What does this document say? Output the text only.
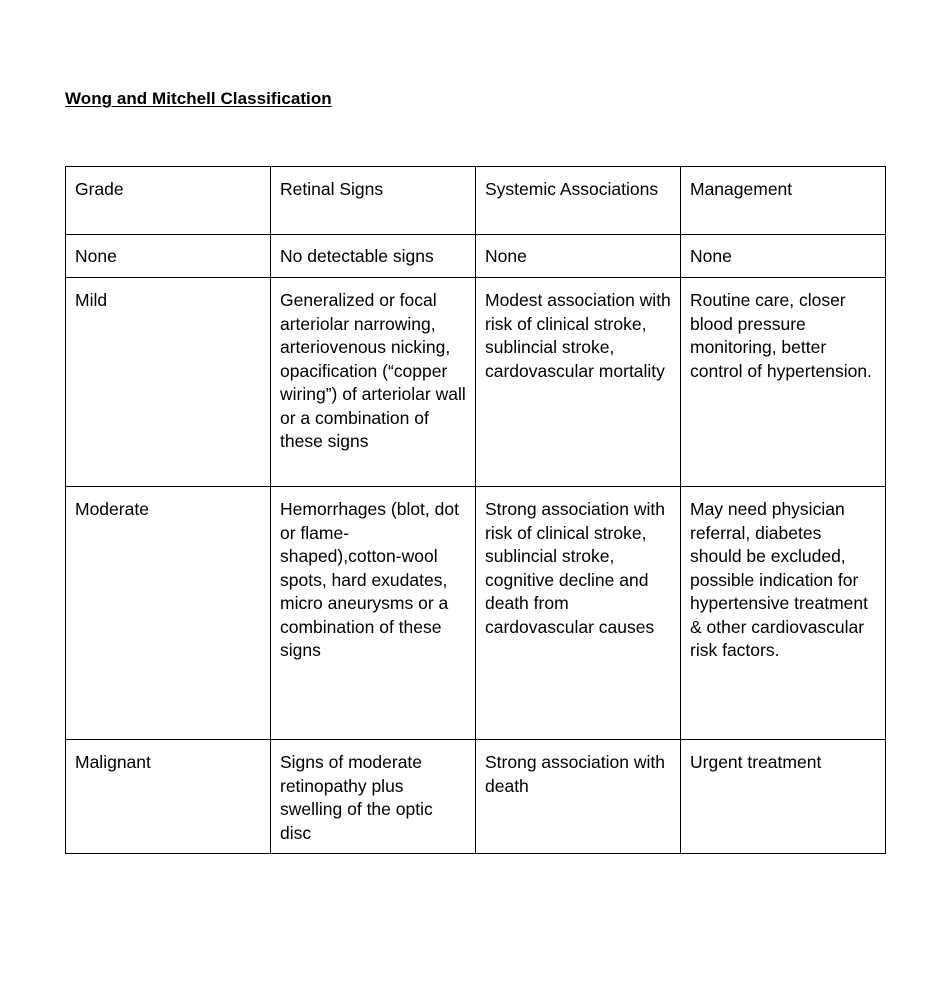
Wong and Mitchell Classification
Grade	Retinal Signs	Systemic Associations	Management
None	No detectable signs	None	None
Mild	Generalized or focal arteriolar narrowing, arteriovenous nicking, opacification (“copper wiring”) of arteriolar wall or a combination of these signs	Modest association with risk of clinical stroke, sublincial stroke, cardovascular mortality	Routine care, closer blood pressure monitoring, better control of hypertension.
Moderate	Hemorrhages (blot, dot or flame-shaped),cotton-wool spots, hard exudates, micro aneurysms or a combination of these signs	Strong association with risk of clinical stroke, sublincial stroke, cognitive decline and death from cardovascular causes	May need physician referral, diabetes should be excluded, possible indication for hypertensive treatment & other cardiovascular risk factors.
Malignant	Signs of moderate retinopathy plus swelling of the optic disc	Strong association with death	Urgent treatment
